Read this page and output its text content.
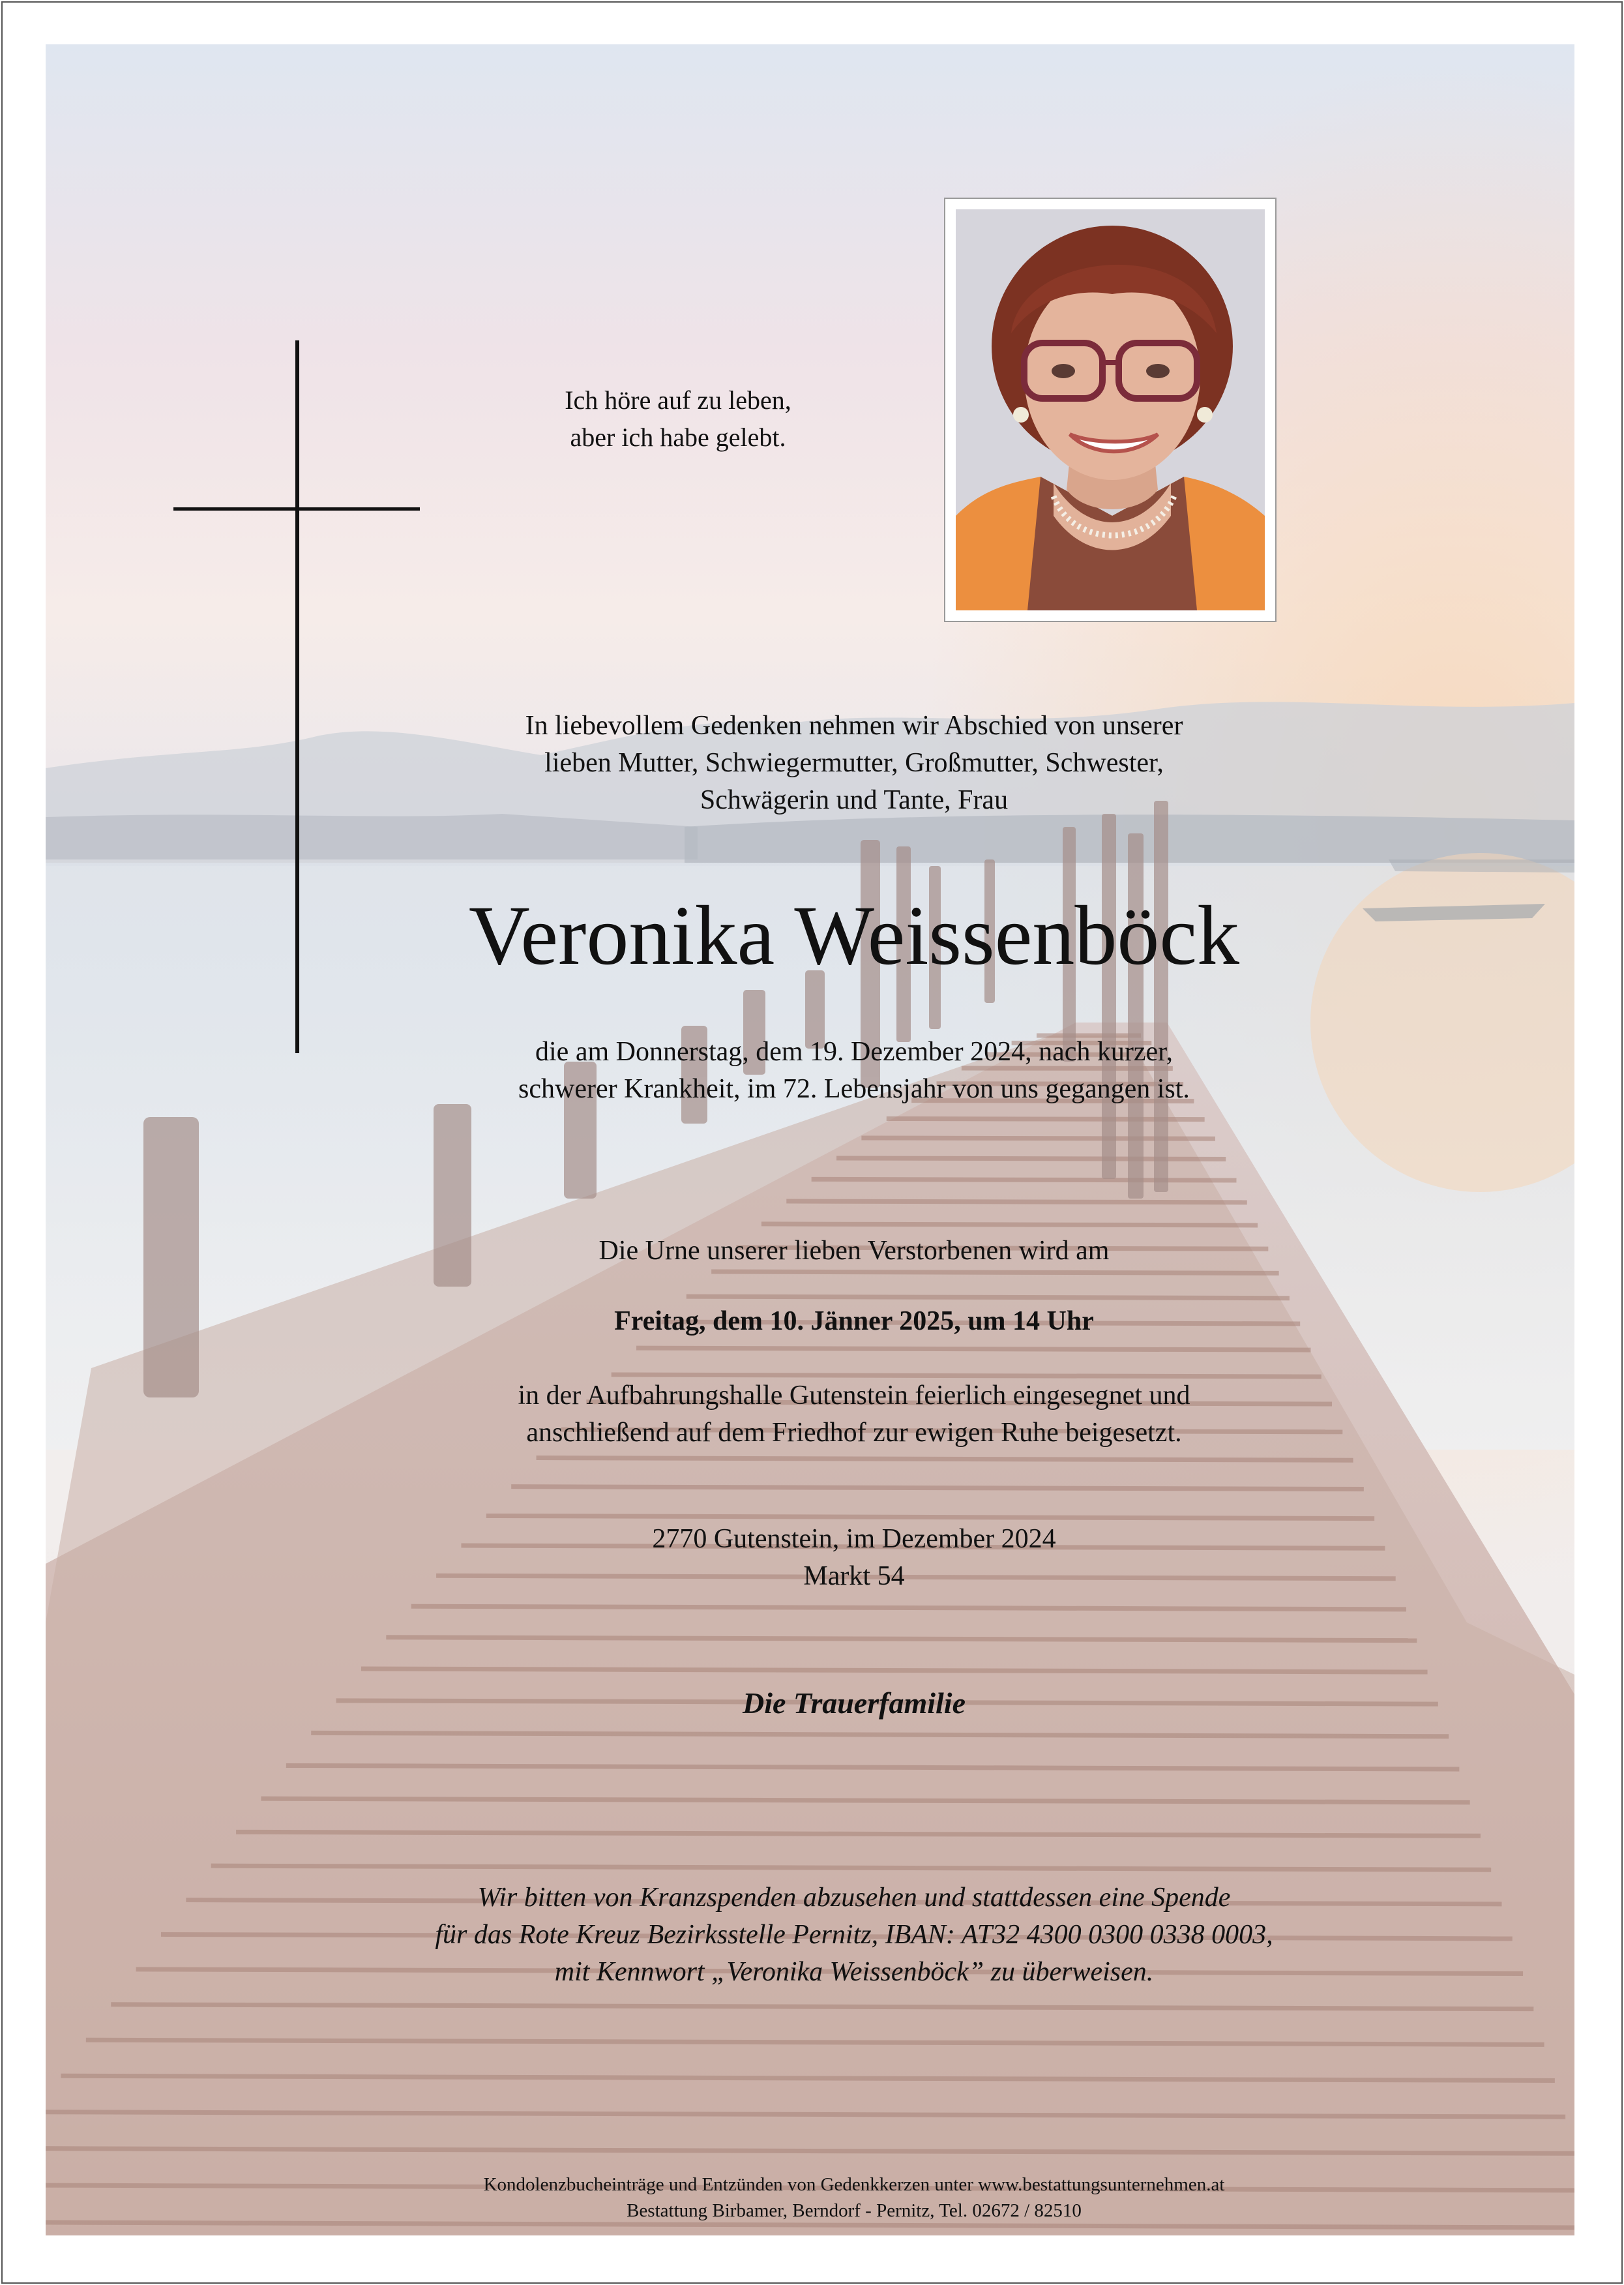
Ich höre auf zu leben,
aber ich habe gelebt.
In liebevollem Gedenken nehmen wir Abschied von unserer
lieben Mutter, Schwiegermutter, Großmutter, Schwester,
Schwägerin und Tante, Frau
Veronika Weissenböck
die am Donnerstag, dem 19. Dezember 2024, nach kurzer,
schwerer Krankheit, im 72. Lebensjahr von uns gegangen ist.
Die Urne unserer lieben Verstorbenen wird am
Freitag, dem 10. Jänner 2025, um 14 Uhr
in der Aufbahrungshalle Gutenstein feierlich eingesegnet und
anschließend auf dem Friedhof zur ewigen Ruhe beigesetzt.
2770 Gutenstein, im Dezember 2024
Markt 54
Die Trauerfamilie
Wir bitten von Kranzspenden abzusehen und stattdessen eine Spende
für das Rote Kreuz Bezirksstelle Pernitz, IBAN: AT32 4300 0300 0338 0003,
mit Kennwort „Veronika Weissenböck” zu überweisen.
Kondolenzbucheinträge und Entzünden von Gedenkkerzen unter www.bestattungsunternehmen.at
Bestattung Birbamer, Berndorf - Pernitz, Tel. 02672 / 82510
